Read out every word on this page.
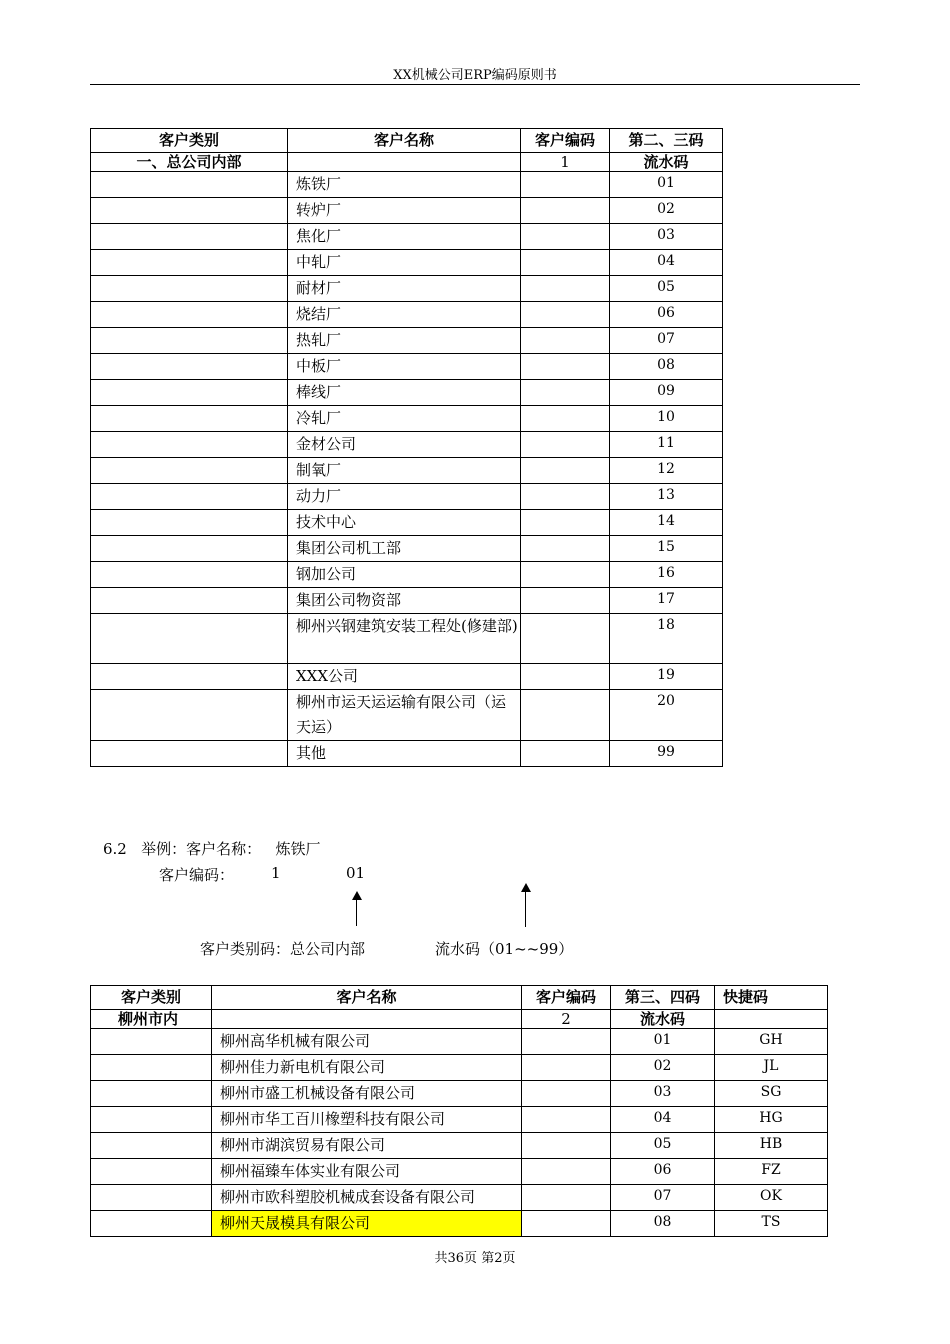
XX机械公司ERP编码原则书
客户类别	客户名称	客户编码	第二、三码
一、总公司内部		1	流水码
	炼铁厂		01
	转炉厂		02
	焦化厂		03
	中轧厂		04
	耐材厂		05
	烧结厂		06
	热轧厂		07
	中板厂		08
	棒线厂		09
	冷轧厂		10
	金材公司		11
	制氧厂		12
	动力厂		13
	技术中心		14
	集团公司机工部		15
	钢加公司		16
	集团公司物资部		17
	柳州兴钢建筑安装工程处(修建部)		18
	XXX公司		19
	柳州市运天运运输有限公司（运天运）		20
	其他		99
6.2 举例：客户名称： 炼铁厂
客户编码： 1	01
客户类别码：总公司内部	流水码（01~~99）
客户类别	客户名称	客户编码	第三、四码	快捷码
柳州市内		2	流水码	
	柳州高华机械有限公司		01	GH
	柳州佳力新电机有限公司		02	JL
	柳州市盛工机械设备有限公司		03	SG
	柳州市华工百川橡塑科技有限公司		04	HG
	柳州市湖滨贸易有限公司		05	HB
	柳州福臻车体实业有限公司		06	FZ
	柳州市欧科塑胶机械成套设备有限公司		07	OK
	柳州天晟模具有限公司		08	TS
共36页 第2页
